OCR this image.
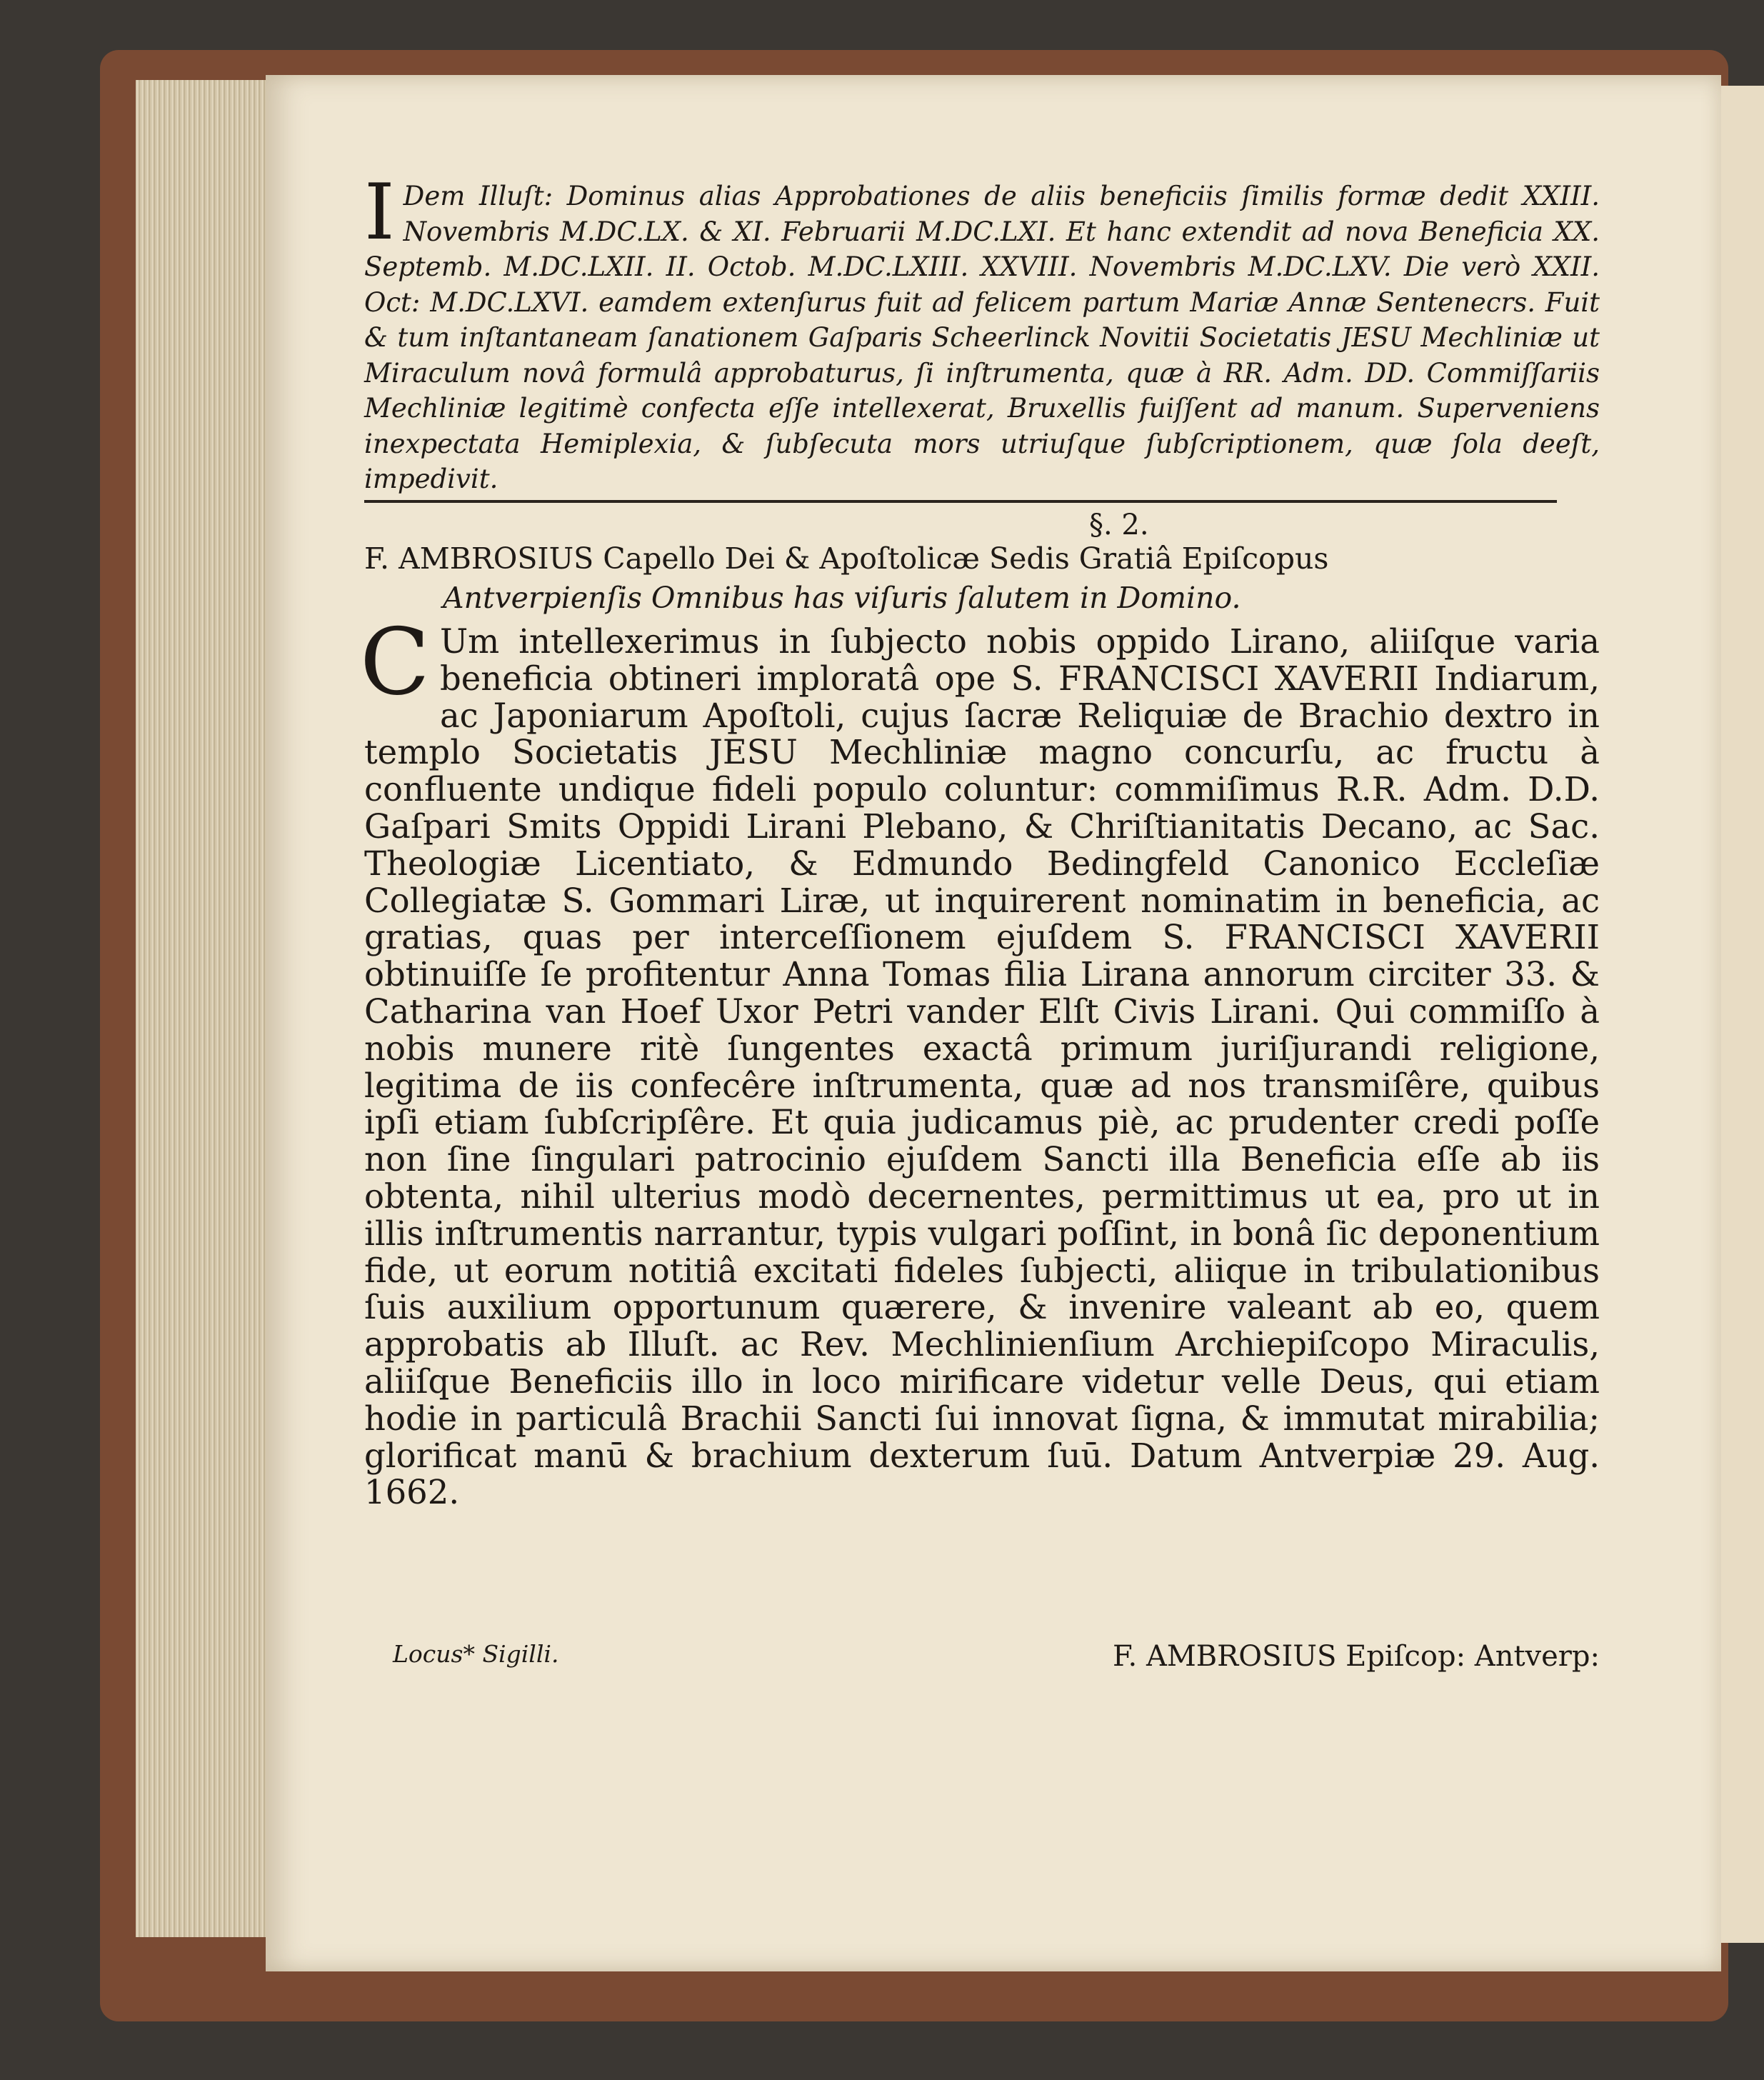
I Dem Illuſt: Dominus alias Approbationes de aliis beneficiis ſimilis formæ dedit XXIII. Novembris M.DC.LX. & XI. Februarii M.DC.LXI. Et hanc extendit ad nova Beneficia XX. Septemb. M.DC.LXII. II. Octob. M.DC.LXIII. XXVIII. Novembris M.DC.LXV. Die verò XXII. Oct: M.DC.LXVI. eamdem extenſurus fuit ad felicem partum Mariæ Annæ Sentenecrs. Fuit & tum inſtantaneam ſanationem Gaſparis Scheerlinck Novitii Societatis JESU Mechliniæ ut Miraculum novâ formulâ approbaturus, ſi inſtrumenta, quæ à RR. Adm. DD. Commiſſariis Mechliniæ legitimè confecta eſſe intellexerat, Bruxellis fuiſſent ad manum. Superveniens inexpectata Hemiplexia, & ſubſecuta mors utriuſque ſubſcriptionem, quæ ſola deeſt, impedivit.
§. 2.
F. AMBROSIUS Capello Dei & Apoſtolicæ Sedis Gratiâ Epiſcopus
Antverpienſis Omnibus has viſuris ſalutem in Domino.
C Um intellexerimus in ſubjecto nobis oppido Lirano, aliiſque varia beneficia obtineri imploratâ ope S. FRANCISCI XAVERII Indiarum, ac Japoniarum Apoſtoli, cujus ſacræ Reliquiæ de Brachio dextro in templo Societatis JESU Mechliniæ magno concurſu, ac fructu à confluente undique fideli populo coluntur: commiſimus R.R. Adm. D.D. Gaſpari Smits Oppidi Lirani Plebano, & Chriſtianitatis Decano, ac Sac. Theologiæ Licentiato, & Edmundo Bedingfeld Canonico Eccleſiæ Collegiatæ S. Gommari Liræ, ut inquirerent nominatim in beneficia, ac gratias, quas per interceſſionem ejuſdem S. FRANCISCI XAVERII obtinuiſſe ſe profitentur Anna Tomas filia Lirana annorum circiter 33. & Catharina van Hoef Uxor Petri vander Elſt Civis Lirani. Qui commiſſo à nobis munere ritè ſungentes exactâ primum juriſjurandi religione, legitima de iis confecêre inſtrumenta, quæ ad nos transmiſêre, quibus ipſi etiam ſubſcripſêre. Et quia judicamus piè, ac prudenter credi poſſe non ſine ſingulari patrocinio ejuſdem Sancti illa Beneficia eſſe ab iis obtenta, nihil ulterius modò decernentes, permittimus ut ea, pro ut in illis inſtrumentis narrantur, typis vulgari poſſint, in bonâ ſic deponentium fide, ut eorum notitiâ excitati fideles ſubjecti, aliique in tribulationibus ſuis auxilium opportunum quærere, & invenire valeant ab eo, quem approbatis ab Illuſt. ac Rev. Mechlinienſium Archiepiſcopo Miraculis, aliiſque Beneficiis illo in loco mirificare videtur velle Deus, qui etiam hodie in particulâ Brachii Sancti ſui innovat ſigna, & immutat mirabilia; glorificat manū & brachium dexterum ſuū. Datum Antverpiæ 29. Aug. 1662.
Locus* Sigilli.	F. AMBROSIUS Epiſcop: Antverp:
